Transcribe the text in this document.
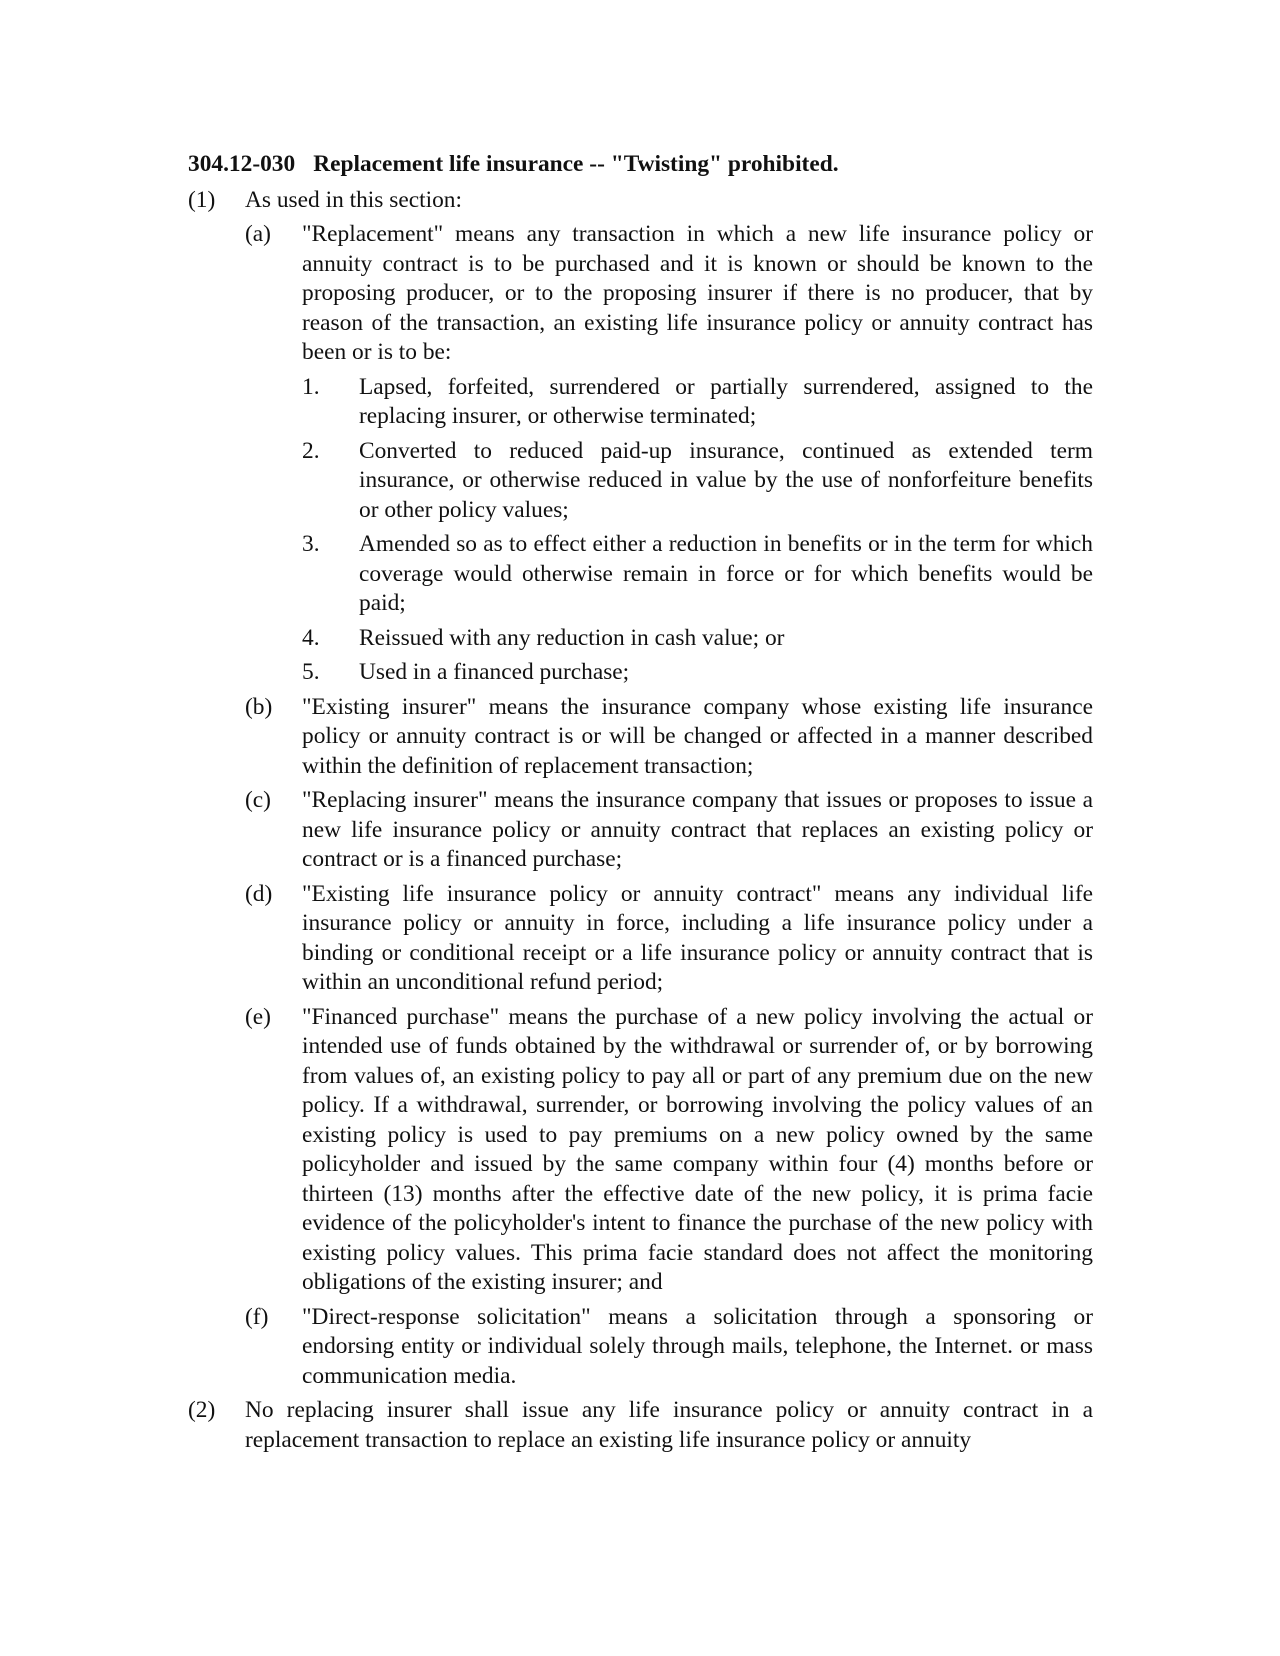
304.12-030 Replacement life insurance -- "Twisting" prohibited.
(1)	As used in this section:
(a)	"Replacement" means any transaction in which a new life insurance policy or annuity contract is to be purchased and it is known or should be known to the proposing producer, or to the proposing insurer if there is no producer, that by reason of the transaction, an existing life insurance policy or annuity contract has been or is to be:
1.	Lapsed, forfeited, surrendered or partially surrendered, assigned to the replacing insurer, or otherwise terminated;
2.	Converted to reduced paid-up insurance, continued as extended term insurance, or otherwise reduced in value by the use of nonforfeiture benefits or other policy values;
3.	Amended so as to effect either a reduction in benefits or in the term for which coverage would otherwise remain in force or for which benefits would be paid;
4.	Reissued with any reduction in cash value; or
5.	Used in a financed purchase;
(b)	"Existing insurer" means the insurance company whose existing life insurance policy or annuity contract is or will be changed or affected in a manner described within the definition of replacement transaction;
(c)	"Replacing insurer" means the insurance company that issues or proposes to issue a new life insurance policy or annuity contract that replaces an existing policy or contract or is a financed purchase;
(d)	"Existing life insurance policy or annuity contract" means any individual life insurance policy or annuity in force, including a life insurance policy under a binding or conditional receipt or a life insurance policy or annuity contract that is within an unconditional refund period;
(e)	"Financed purchase" means the purchase of a new policy involving the actual or intended use of funds obtained by the withdrawal or surrender of, or by borrowing from values of, an existing policy to pay all or part of any premium due on the new policy. If a withdrawal, surrender, or borrowing involving the policy values of an existing policy is used to pay premiums on a new policy owned by the same policyholder and issued by the same company within four (4) months before or thirteen (13) months after the effective date of the new policy, it is prima facie evidence of the policyholder's intent to finance the purchase of the new policy with existing policy values. This prima facie standard does not affect the monitoring obligations of the existing insurer; and
(f)	"Direct-response solicitation" means a solicitation through a sponsoring or endorsing entity or individual solely through mails, telephone, the Internet. or mass communication media.
(2)	No replacing insurer shall issue any life insurance policy or annuity contract in a replacement transaction to replace an existing life insurance policy or annuity
